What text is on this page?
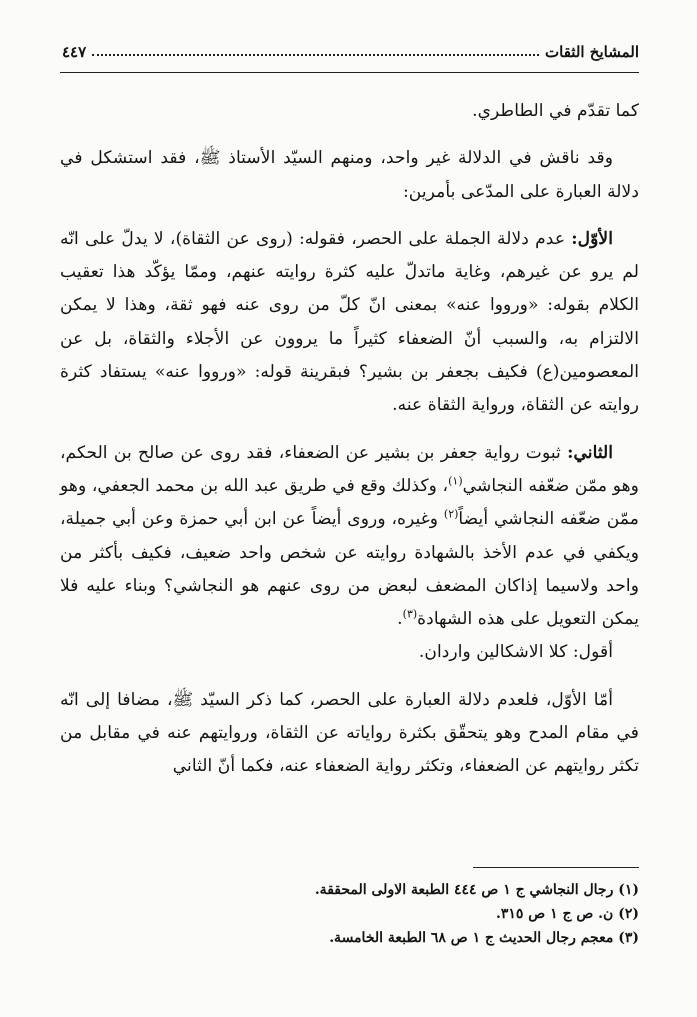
المشايخ الثقات
٤٤٧

كما تقدّم في الطاطري.

وقد ناقش في الدلالة غير واحد، ومنهم السيّد الأستاذ ﷺ، فقد استشكل في دلالة العبارة على المدّعى بأمرين:

الأوّل: عدم دلالة الجملة على الحصر، فقوله: (روى عن الثقاة)، لا يدلّ على انّه لم يرو عن غيرهم، وغاية ماتدلّ عليه كثرة روايته عنهم، وممّا يؤكّد هذا تعقيب الكلام بقوله: «ورووا عنه» بمعنى انّ كلّ من روى عنه فهو ثقة، وهذا لا يمكن الالتزام به، والسبب أنّ الضعفاء كثيراً ما يروون عن الأجلاء والثقاة، بل عن المعصومين(ع) فكيف بجعفر بن بشير؟ فبقرينة قوله: «ورووا عنه» يستفاد كثرة روايته عن الثقاة، ورواية الثقاة عنه.

الثاني: ثبوت رواية جعفر بن بشير عن الضعفاء، فقد روى عن صالح بن الحكم، وهو ممّن ضعّفه النجاشي$^{(١)}$، وكذلك وقع في طريق عبد الله بن محمد الجعفي، وهو ممّن ضعّفه النجاشي أيضاً$^{(٢)}$ وغيره، وروى أيضاً عن ابن أبي حمزة وعن أبي جميلة، ويكفي في عدم الأخذ بالشهادة روايته عن شخص واحد ضعيف، فكيف بأكثر من واحد ولاسيما إذاكان المضعف لبعض من روى عنهم هو النجاشي؟ وبناء عليه فلا يمكن التعويل على هذه الشهادة$^{(٣)}$.

أقول: كلا الاشكالين واردان.

أمّا الأوّل، فلعدم دلالة العبارة على الحصر، كما ذكر السيّد ﷺ، مضافا إلى انّه في مقام المدح وهو يتحقّق بكثرة رواياته عن الثقاة، وروايتهم عنه في مقابل من تكثر روايتهم عن الضعفاء، وتكثر رواية الضعفاء عنه، فكما أنّ الثاني

(١) رجال النجاشي ج ١ ص ٤٤٤ الطبعة الاولى المحققة.

(٢) ن. ص ج ١ ص ٣١٥.

(٣) معجم رجال الحديث ج ١ ص ٦٨ الطبعة الخامسة.
